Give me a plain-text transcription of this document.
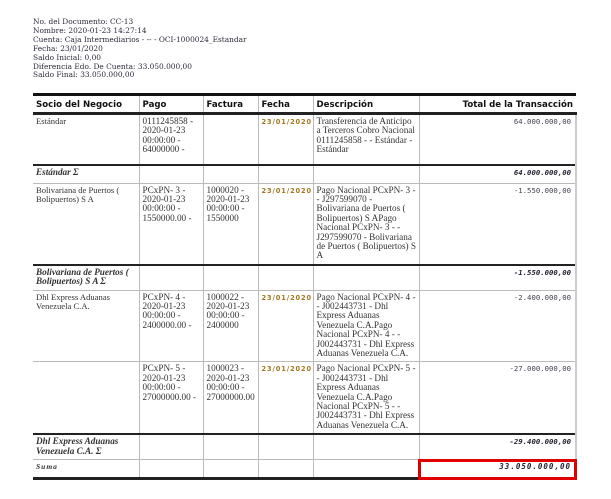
No. del Documento: CC-13
Nombre: 2020-01-23 14:27:14
Cuenta: Caja Intermediarios - -- - OCI-1000024_Estandar
Fecha: 23/01/2020
Saldo Inicial: 0,00
Diferencia Edo. De Cuenta: 33.050.000,00
Saldo Final: 33.050.000,00
Socio del Negocio	Pago	Factura	Fecha	Descripción	Total de la Transacción
Estándar	0111245858 - 2020-01-23 00:00:00 - 64000000 -		23/01/2020	Transferencia de Anticipo a Terceros Cobro Nacional 0111245858 - - Estándar - Estándar	64.000.000,00
Estándar Σ					64.000.000,00
Bolivariana de Puertos ( Bolipuertos) S A	PCxPN- 3 - 2020-01-23 00:00:00 - 1550000.00 -	1000020 - 2020-01-23 00:00:00 - 1550000	23/01/2020	Pago Nacional PCxPN- 3 - - J297599070 - Bolivariana de Puertos ( Bolipuertos) S APago Nacional PCxPN- 3 - - J297599070 - Bolivariana de Puertos ( Bolipuertos) S A	-1.550.000,00
Bolivariana de Puertos ( Bolipuertos) S A Σ					-1.550.000,00
Dhl Express Aduanas Venezuela C.A.	PCxPN- 4 - 2020-01-23 00:00:00 - 2400000.00 -	1000022 - 2020-01-23 00:00:00 - 2400000	23/01/2020	Pago Nacional PCxPN- 4 - - J002443731 - Dhl Express Aduanas Venezuela C.A.Pago Nacional PCxPN- 4 - - J002443731 - Dhl Express Aduanas Venezuela C.A.	-2.400.000,00
	PCxPN- 5 - 2020-01-23 00:00:00 - 27000000.00 -	1000023 - 2020-01-23 00:00:00 - 27000000.00	23/01/2020	Pago Nacional PCxPN- 5 - - J002443731 - Dhl Express Aduanas Venezuela C.A.Pago Nacional PCxPN- 5 - - J002443731 - Dhl Express Aduanas Venezuela C.A.	-27.000.000,00
Dhl Express Aduanas Venezuela C.A. Σ					-29.400.000,00
Suma					33.050.000,00
